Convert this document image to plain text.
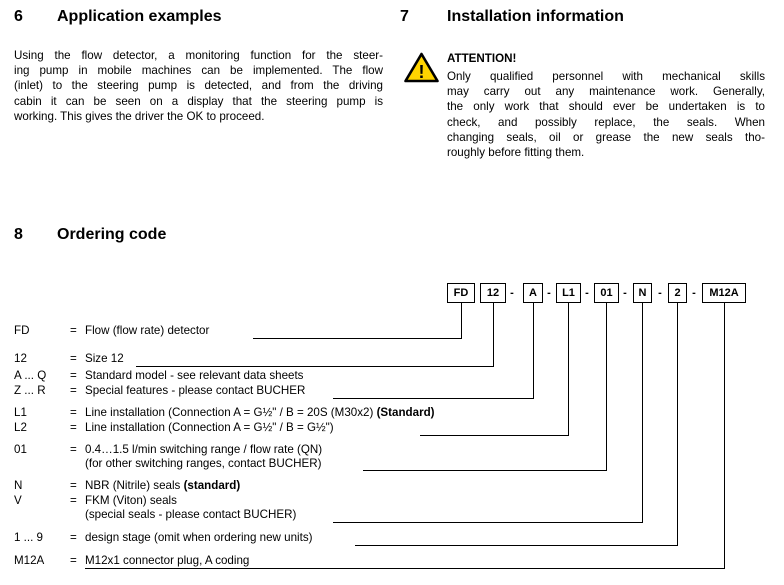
6 Application examples
Using the flow detector, a monitoring function for the steer-
ing pump in mobile machines can be implemented. The flow
(inlet) to the steering pump is detected, and from the driving
cabin it can be seen on a display that the steering pump is
working. This gives the driver the OK to proceed.
7 Installation information
!
ATTENTION!
Only qualified personnel with mechanical skills
may carry out any maintenance work. Generally,
the only work that should ever be undertaken is to
check, and possibly replace, the seals. When
changing seals, oil or grease the new seals tho-
roughly before fitting them.
8 Ordering code
FD	12	A	L1	01	N	2	M12A
-	-	-	-	-	-
FD	= Flow (flow rate) detector
12	= Size 12
A ... Q = Standard model - see relevant data sheets
Z ... R = Special features - please contact BUCHER
L1	= Line installation (Connection A = G½" / B = 20S (M30x2) (Standard)
L2	= Line installation (Connection A = G½" / B = G½")
01	= 0.4…1.5 l/min switching range / flow rate (QN)
(for other switching ranges, contact BUCHER)
N	= NBR (Nitrile) seals (standard)
V	= FKM (Viton) seals
(special seals - please contact BUCHER)
1 ... 9 = design stage (omit when ordering new units)
M12A = M12x1 connector plug, A coding
